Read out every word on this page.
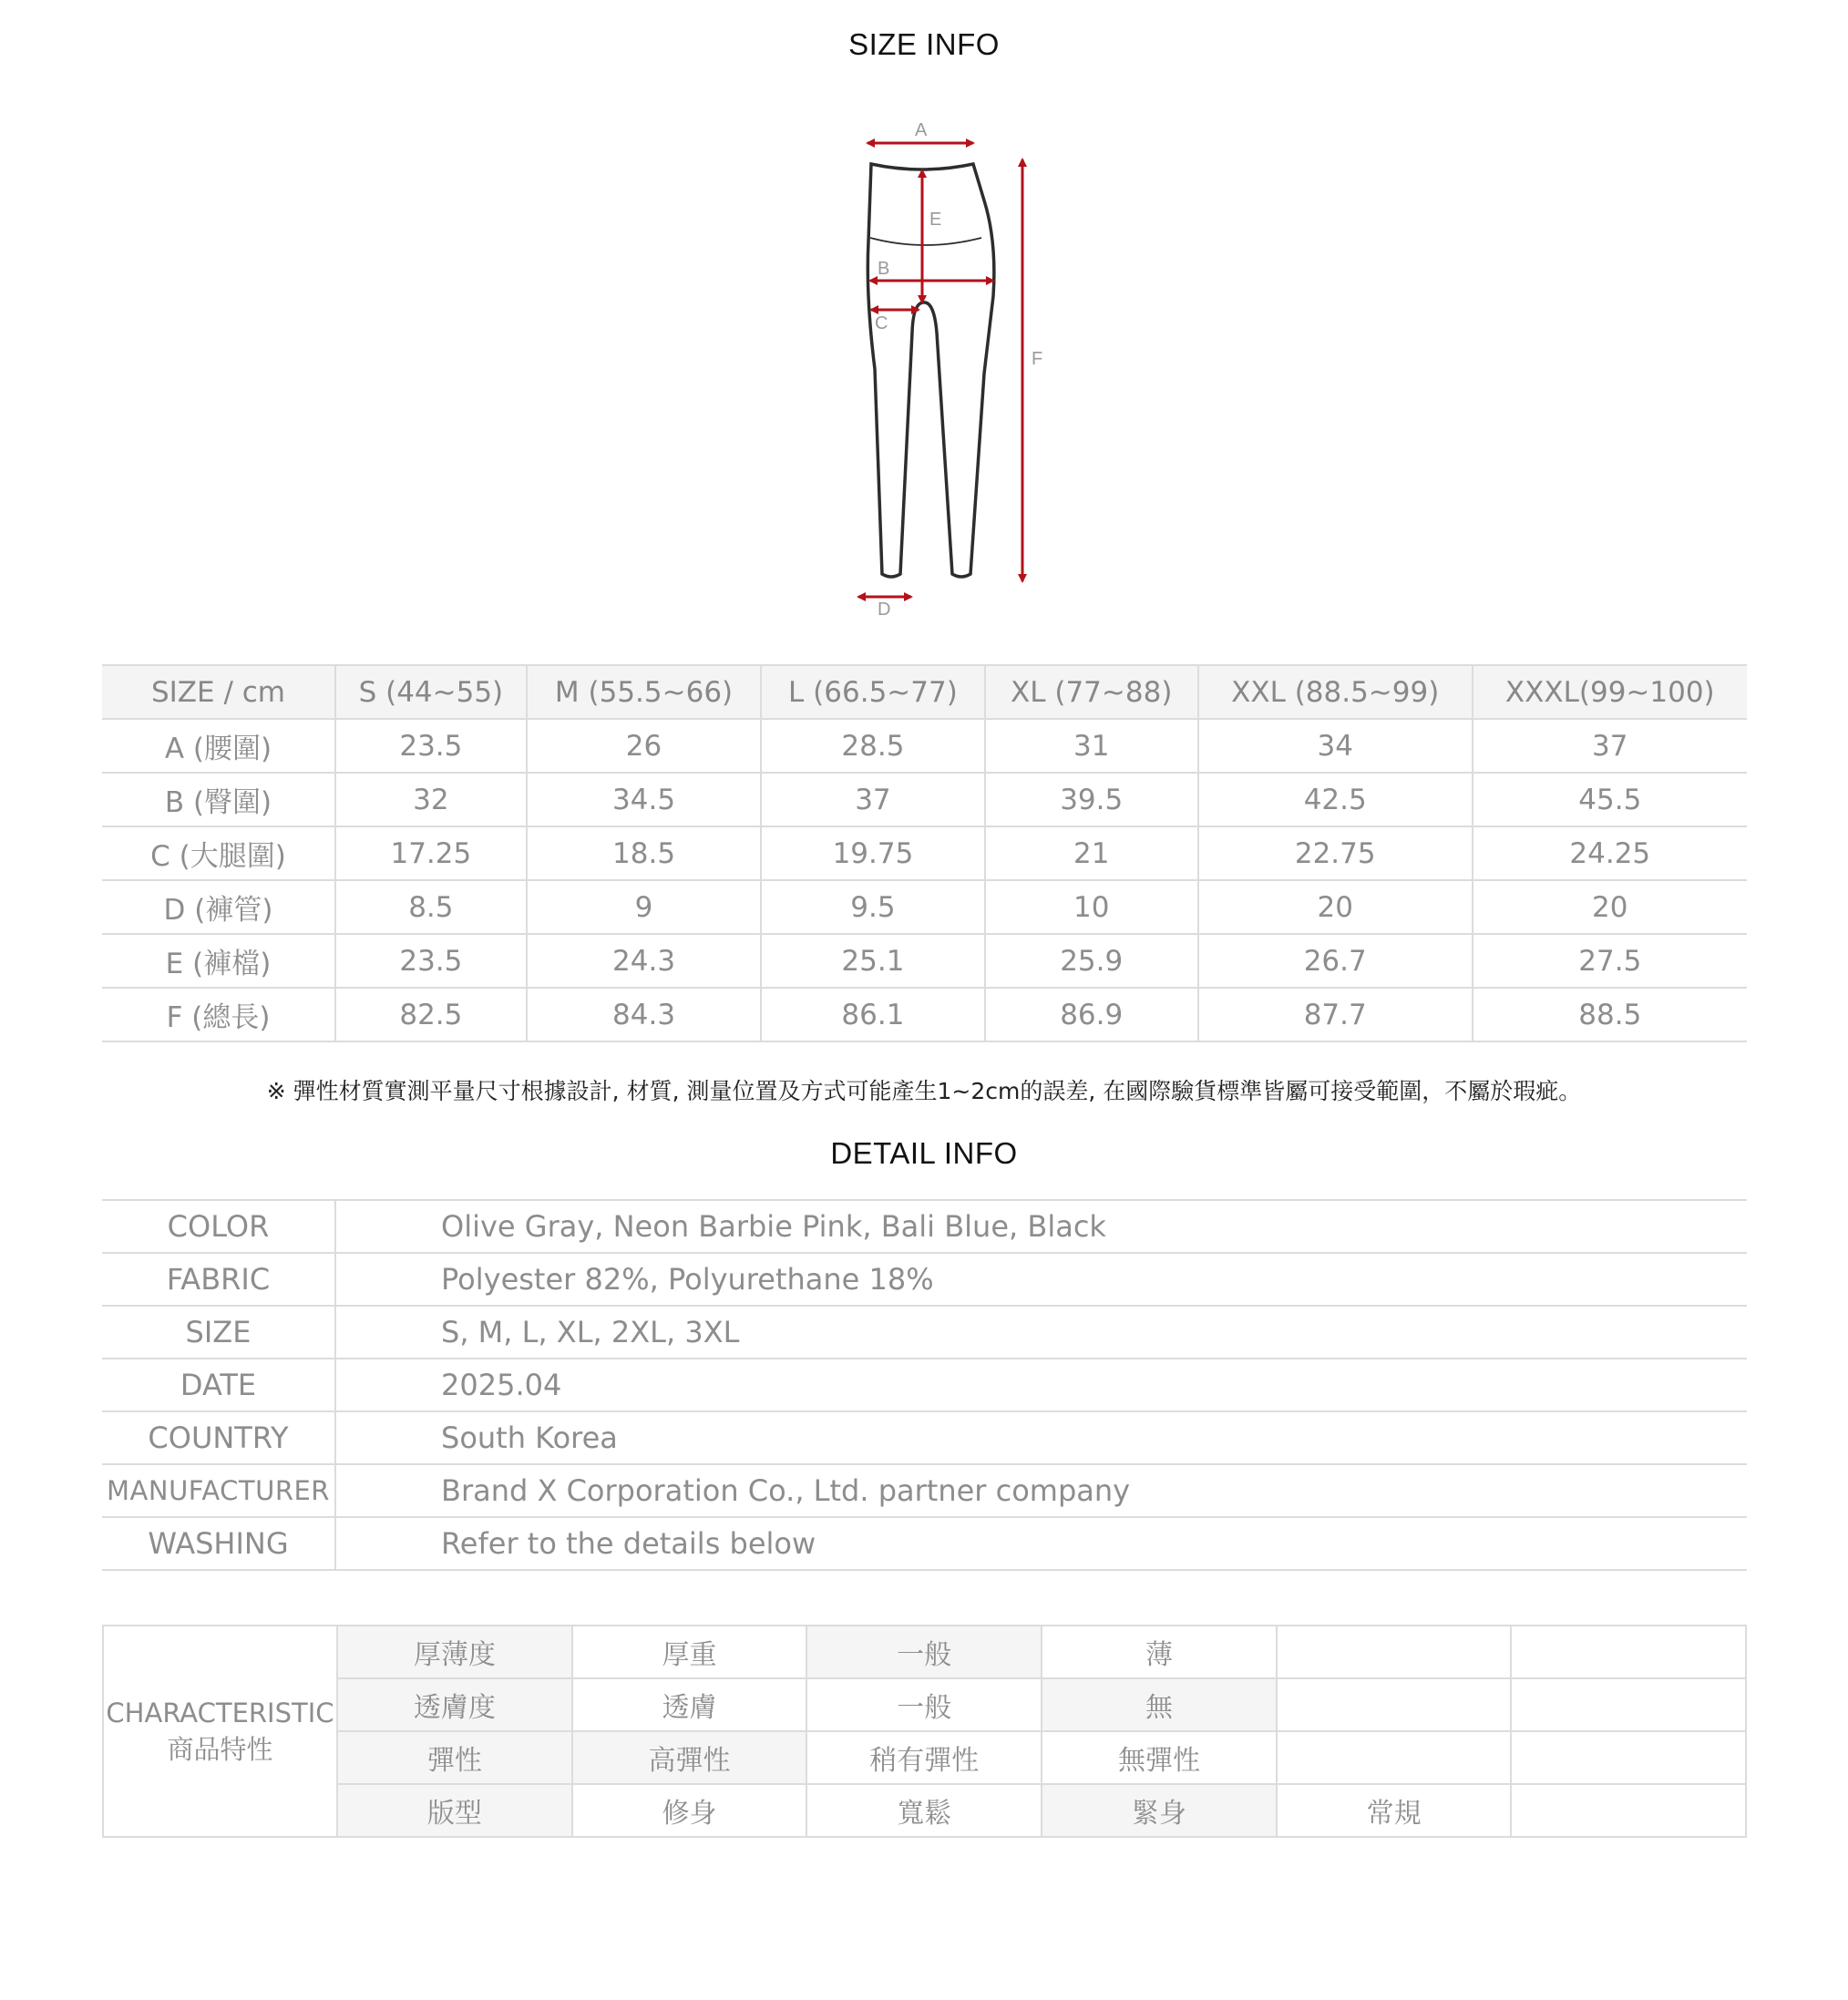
SIZE INFO
A
E
B
C
F
D
SIZE / cm	S (44~55)	M (55.5~66)	L (66.5~77)	XL (77~88)	XXL (88.5~99)	XXXL(99~100)
A (腰圍)	23.5	26	28.5	31	34	37
B (臀圍)	32	34.5	37	39.5	42.5	45.5
C (大腿圍)	17.25	18.5	19.75	21	22.75	24.25
D (褲管)	8.5	9	9.5	10	20	20
E (褲檔)	23.5	24.3	25.1	25.9	26.7	27.5
F (總長)	82.5	84.3	86.1	86.9	87.7	88.5
※ 彈性材質實測平量尺寸根據設計, 材質, 測量位置及方式可能產生1~2cm的誤差, 在國際驗貨標準皆屬可接受範圍，不屬於瑕疵。
DETAIL INFO
COLOR	Olive Gray, Neon Barbie Pink, Bali Blue, Black
FABRIC	Polyester 82%, Polyurethane 18%
SIZE	S, M, L, XL, 2XL, 3XL
DATE	2025.04
COUNTRY	South Korea
MANUFACTURER	Brand X Corporation Co., Ltd. partner company
WASHING	Refer to the details below
CHARACTERISTIC
商品特性	厚薄度	厚重	一般	薄		
	透膚度	透膚	一般	無		
	彈性	高彈性	稍有彈性	無彈性		
	版型	修身	寬鬆	緊身	常規	
